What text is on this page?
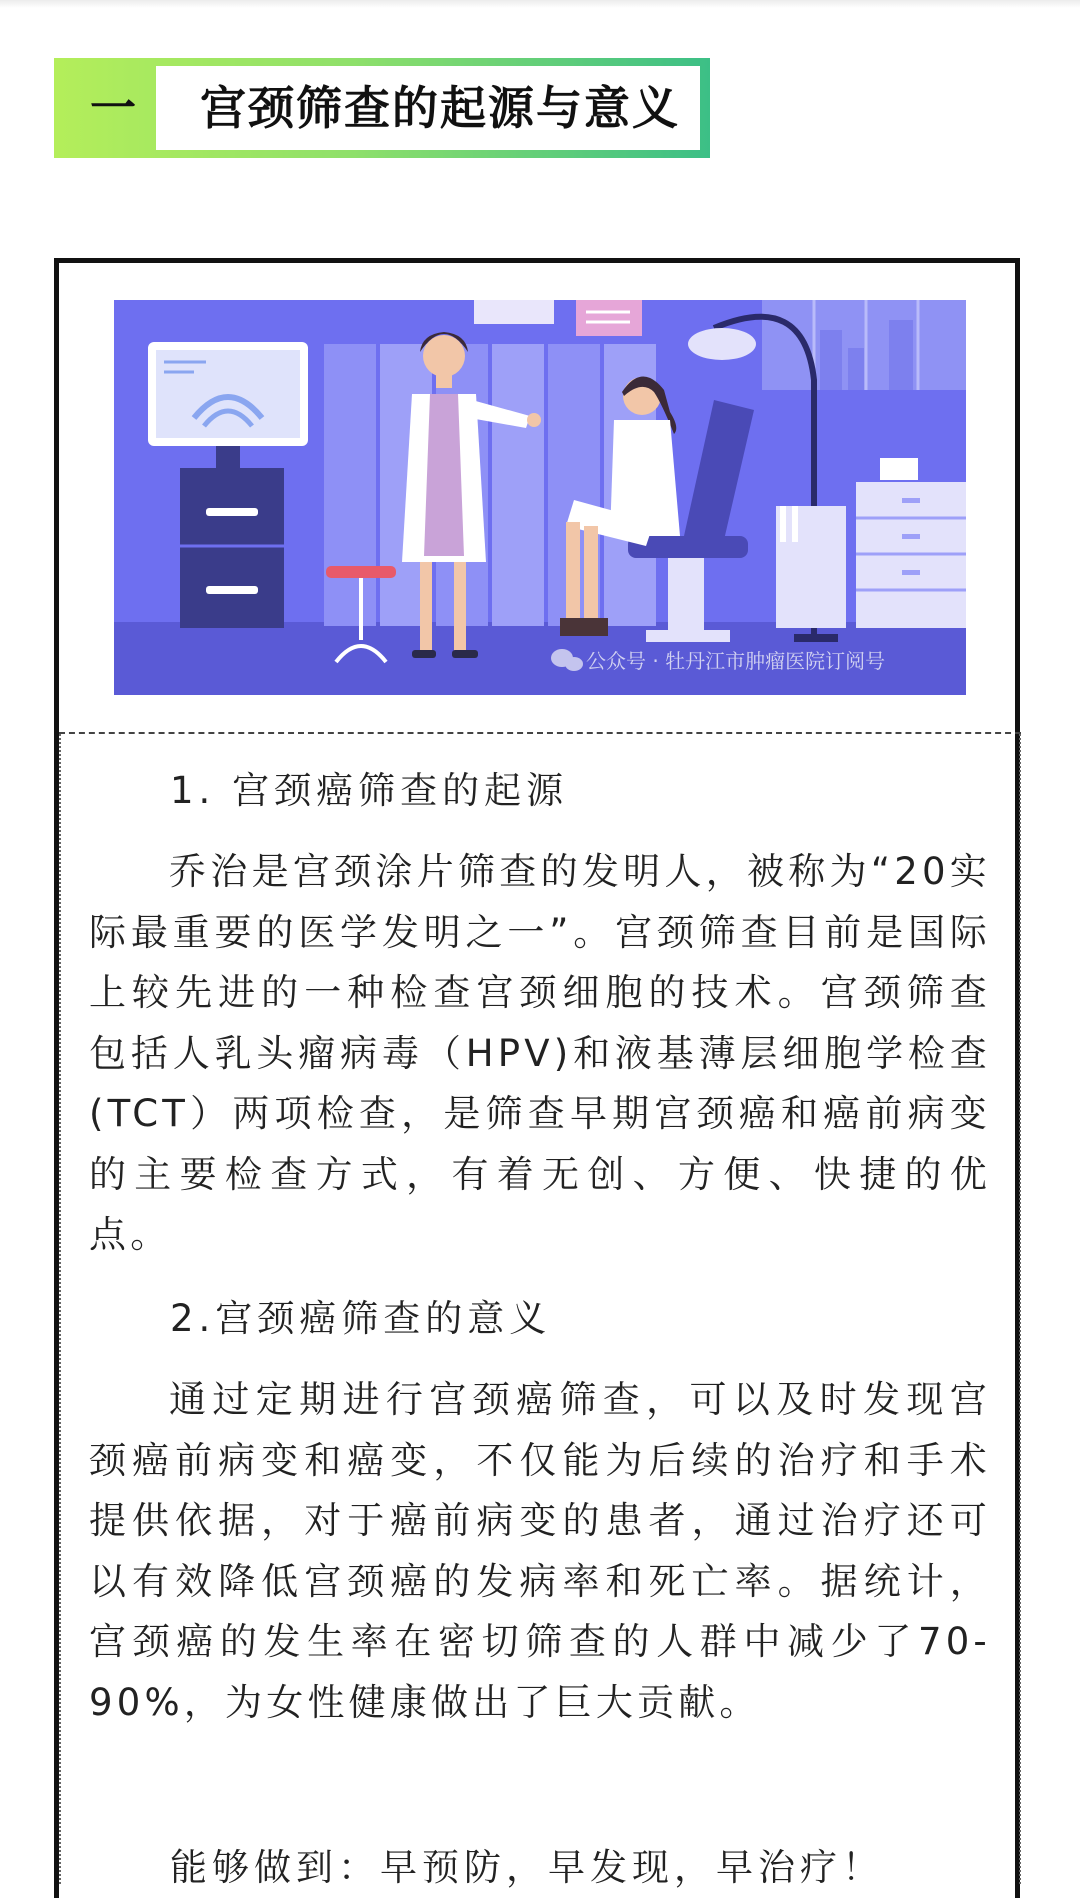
一	宫颈筛查的起源与意义
公众号 · 牡丹江市肿瘤医院订阅号
1. 宫颈癌筛查的起源

乔治是宫颈涂片筛查的发明人，被称为“20实际最重要的医学发明之一”。宫颈筛查目前是国际上较先进的一种检查宫颈细胞的技术。宫颈筛查包括人乳头瘤病毒（HPV)和液基薄层细胞学检查(TCT）两项检查，是筛查早期宫颈癌和癌前病变的主要检查方式，有着无创、方便、快捷的优点。

2.宫颈癌筛查的意义

通过定期进行宫颈癌筛查，可以及时发现宫颈癌前病变和癌变，不仅能为后续的治疗和手术提供依据，对于癌前病变的患者，通过治疗还可以有效降低宫颈癌的发病率和死亡率。据统计，宫颈癌的发生率在密切筛查的人群中减少了70-90%，为女性健康做出了巨大贡献。

能够做到：早预防，早发现，早治疗！
